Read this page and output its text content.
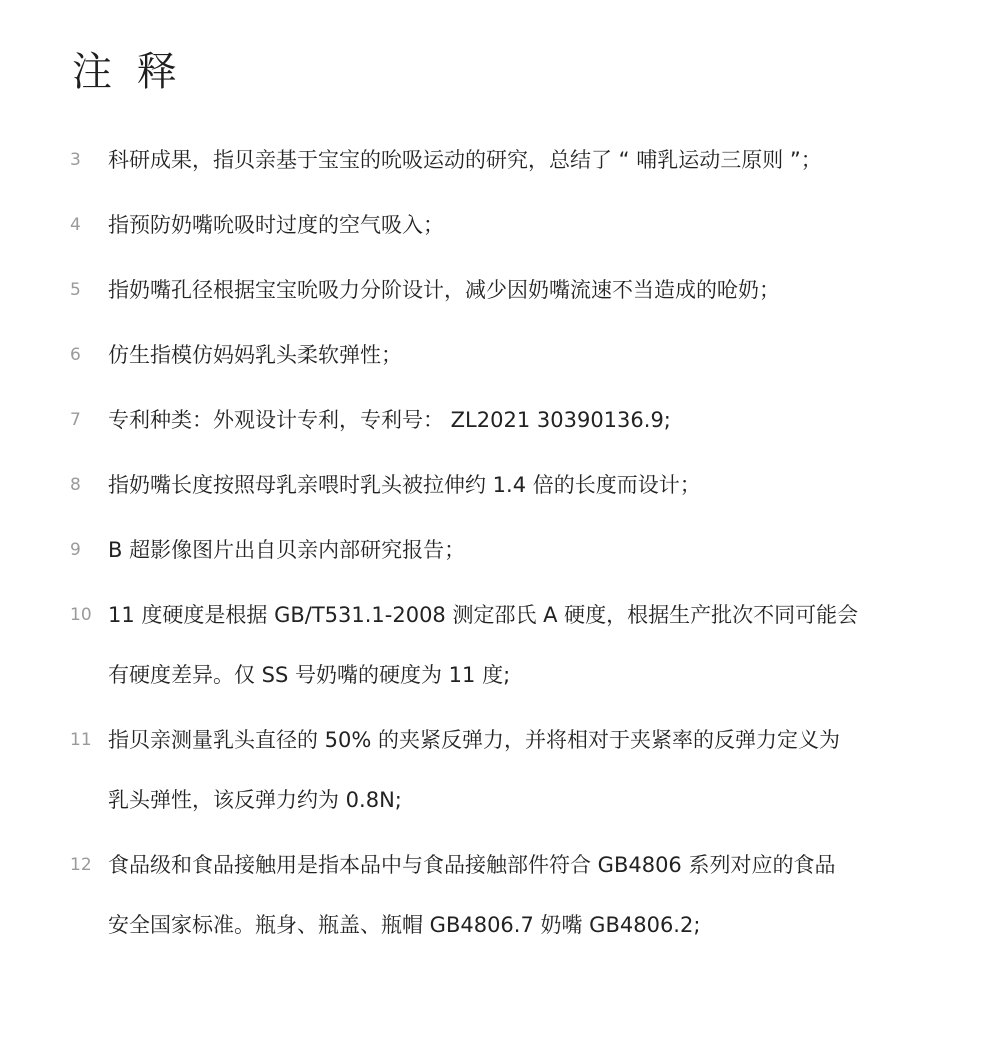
注 释
3	科研成果，指贝亲基于宝宝的吮吸运动的研究，总结了 “ 哺乳运动三原则 ”；
4	指预防奶嘴吮吸时过度的空气吸入；
5	指奶嘴孔径根据宝宝吮吸力分阶设计，减少因奶嘴流速不当造成的呛奶；
6	仿生指模仿妈妈乳头柔软弹性；
7	专利种类：外观设计专利，专利号： ZL2021 30390136.9;
8	指奶嘴长度按照母乳亲喂时乳头被拉伸约 1.4 倍的长度而设计；
9	B 超影像图片出自贝亲内部研究报告；
10 11 度硬度是根据 GB/T531.1-2008 测定邵氏 A 硬度，根据生产批次不同可能会
有硬度差异。仅 SS 号奶嘴的硬度为 11 度;
11 指贝亲测量乳头直径的 50% 的夹紧反弹力，并将相对于夹紧率的反弹力定义为
乳头弹性，该反弹力约为 0.8N;
12 食品级和食品接触用是指本品中与食品接触部件符合 GB4806 系列对应的食品
安全国家标准。瓶身、瓶盖、瓶帽 GB4806.7 奶嘴 GB4806.2;
